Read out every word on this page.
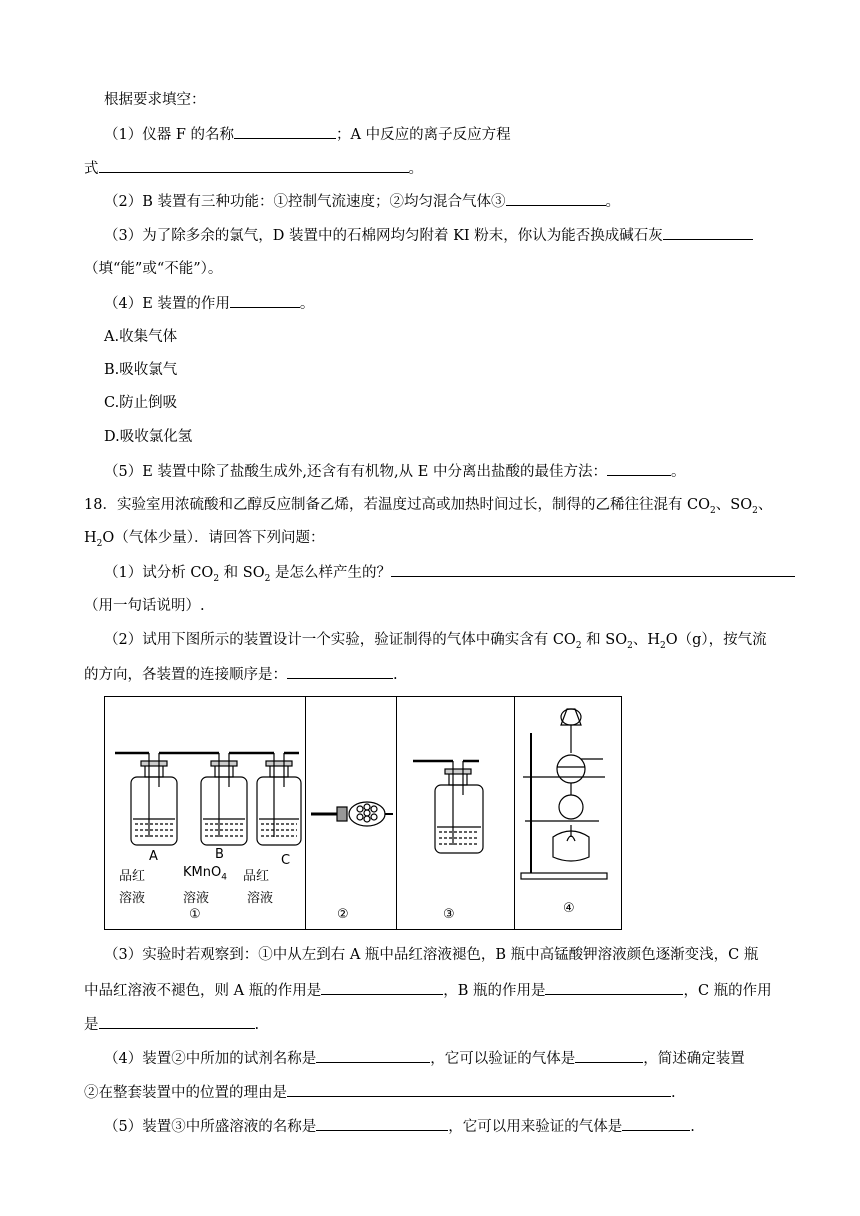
根据要求填空：
（1）仪器 F 的名称	；A 中反应的离子反应方程
式	。
（2）B 装置有三种功能：①控制气流速度；②均匀混合气体③	。
（3）为了除多余的氯气，D 装置中的石棉网均匀附着 KI 粉末，你认为能否换成碱石灰
（填“能”或“不能”）。
（4）E 装置的作用	。
A.收集气体
B.吸收氯气
C.防止倒吸
D.吸收氯化氢
（5）E 装置中除了盐酸生成外,还含有有机物,从 E 中分离出盐酸的最佳方法：	。
18．实验室用浓硫酸和乙醇反应制备乙烯，若温度过高或加热时间过长，制得的乙稀往往混有 $CO_2$、$SO_2$、
$H_2O$（气体少量）．请回答下列问题：
（1）试分析 $CO_2$ 和 $SO_2$ 是怎么样产生的？
（用一句话说明）.
（2）试用下图所示的装置设计一个实验，验证制得的气体中确实含有 $CO_2$ 和 $SO_2$、$H_2O(g)$，按气流
的方向，各装置的连接顺序是：	.
A	B	C
品红
溶液
KMnO$_4$
溶液
品红
溶液
①	②	③	④
（3）实验时若观察到：①中从左到右 A 瓶中品红溶液褪色，B 瓶中高锰酸钾溶液颜色逐渐变浅，C 瓶
中品红溶液不褪色，则 A 瓶的作用是	，B 瓶的作用是	，C 瓶的作用
是	.
（4）装置②中所加的试剂名称是	，它可以验证的气体是	，简述确定装置
②在整套装置中的位置的理由是	.
（5）装置③中所盛溶液的名称是	，它可以用来验证的气体是	.
